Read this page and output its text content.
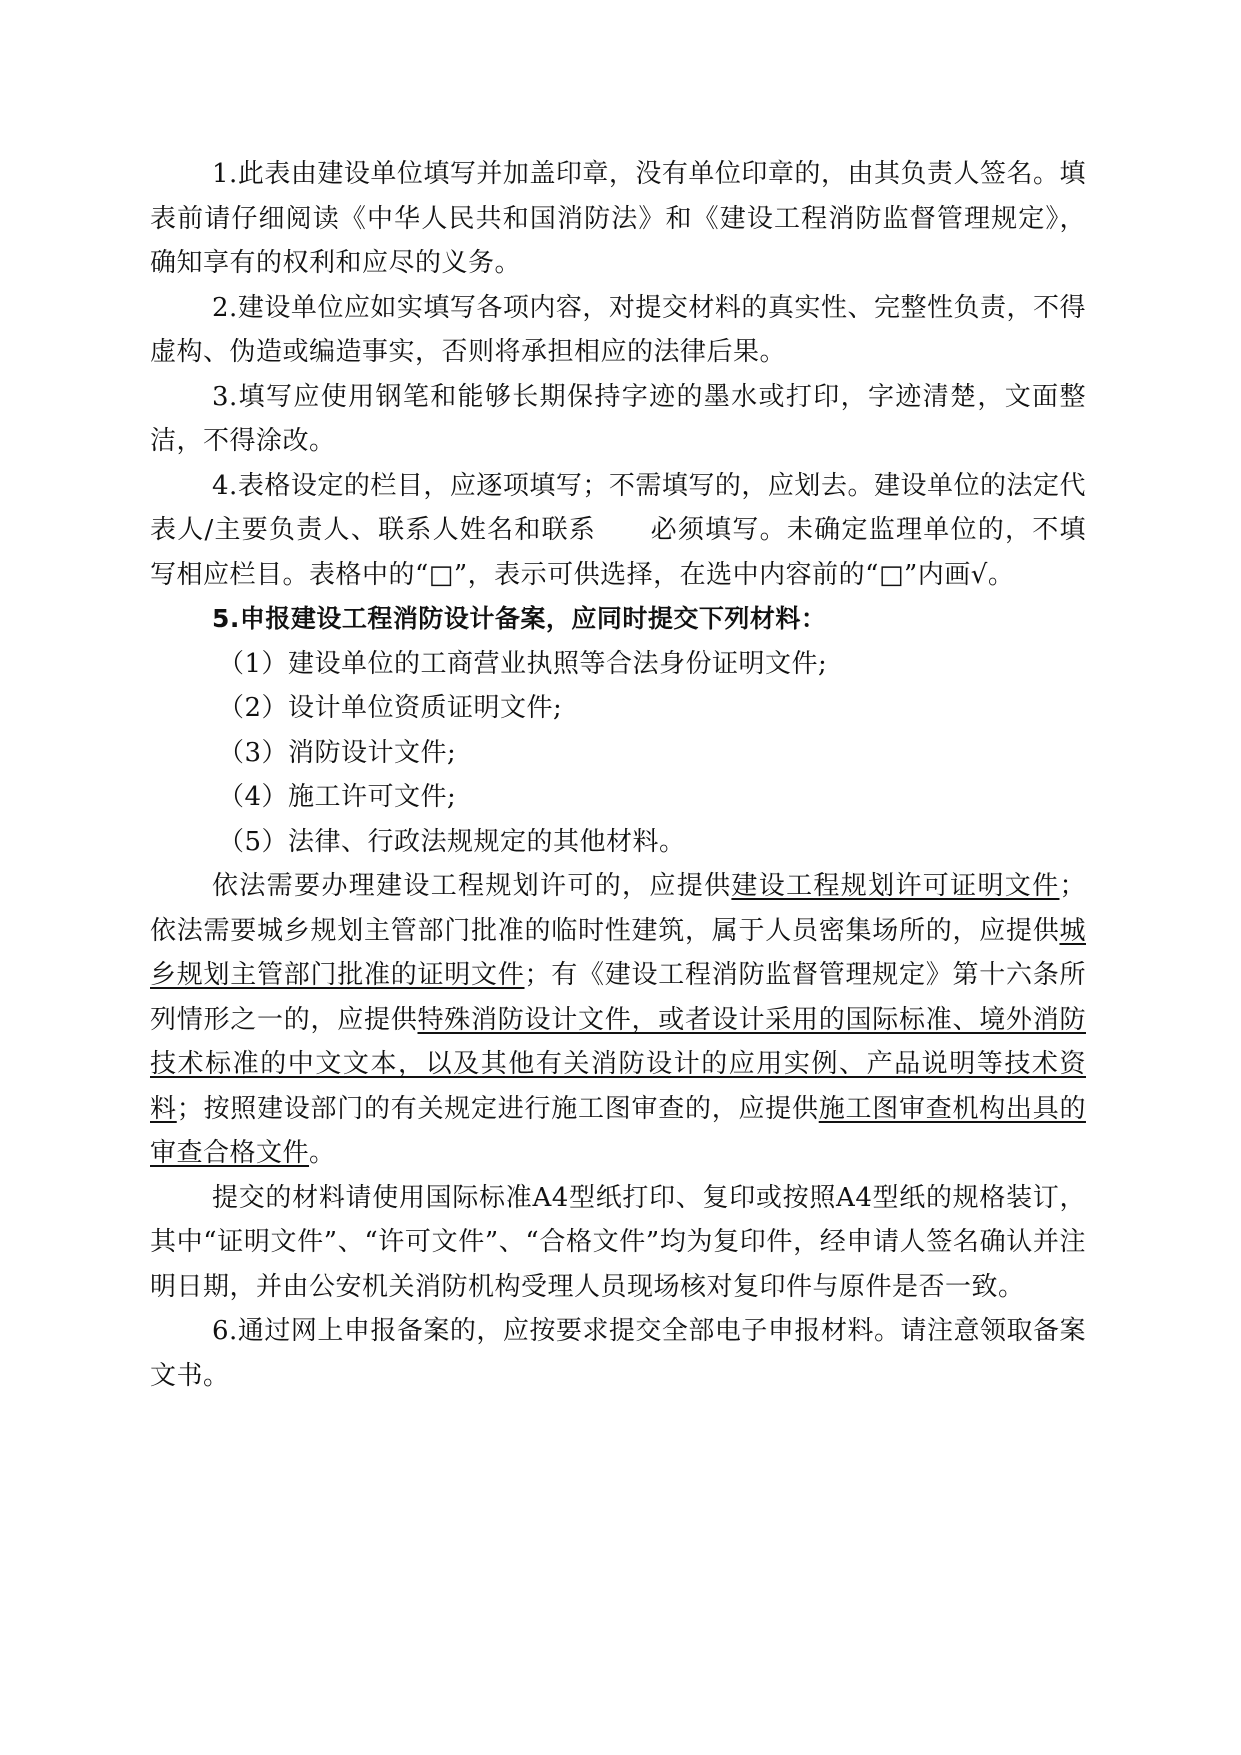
1.此表由建设单位填写并加盖印章，没有单位印章的，由其负责人签名。填表前请仔细阅读《中华人民共和国消防法》和《建设工程消防监督管理规定》，确知享有的权利和应尽的义务。

2.建设单位应如实填写各项内容，对提交材料的真实性、完整性负责，不得虚构、伪造或编造事实，否则将承担相应的法律后果。

3.填写应使用钢笔和能够长期保持字迹的墨水或打印，字迹清楚，文面整洁，不得涂改。

4.表格设定的栏目，应逐项填写；不需填写的，应划去。建设单位的法定代表人/主要负责人、联系人姓名和联系　　必须填写。未确定监理单位的，不填写相应栏目。表格中的“□”，表示可供选择，在选中内容前的“□”内画√。

5.申报建设工程消防设计备案，应同时提交下列材料：

（1）建设单位的工商营业执照等合法身份证明文件;

（2）设计单位资质证明文件;

（3）消防设计文件;

（4）施工许可文件;

（5）法律、行政法规规定的其他材料。

依法需要办理建设工程规划许可的，应提供建设工程规划许可证明文件；依法需要城乡规划主管部门批准的临时性建筑，属于人员密集场所的，应提供城乡规划主管部门批准的证明文件；有《建设工程消防监督管理规定》第十六条所列情形之一的，应提供特殊消防设计文件，或者设计采用的国际标准、境外消防技术标准的中文文本，以及其他有关消防设计的应用实例、产品说明等技术资料；按照建设部门的有关规定进行施工图审查的，应提供施工图审查机构出具的审查合格文件。

提交的材料请使用国际标准A4型纸打印、复印或按照A4型纸的规格装订，其中“证明文件”、“许可文件”、“合格文件”均为复印件，经申请人签名确认并注明日期，并由公安机关消防机构受理人员现场核对复印件与原件是否一致。

6.通过网上申报备案的，应按要求提交全部电子申报材料。请注意领取备案文书。
